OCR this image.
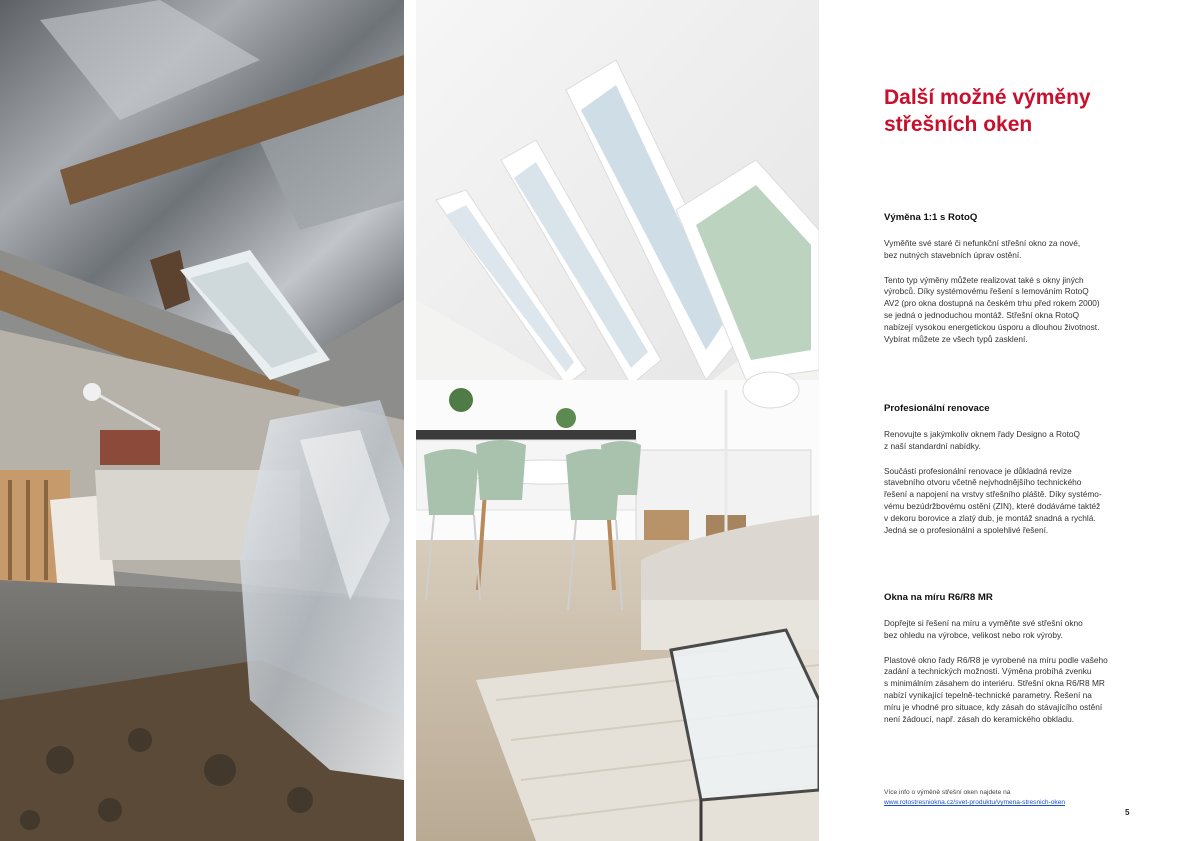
Další možné výměny
střešních oken
Výměna 1:1 s RotoQ

Vyměňte své staré či nefunkční střešní okno za nové,
bez nutných stavebních úprav ostění.

Tento typ výměny můžete realizovat také s okny jiných
výrobců. Díky systémovému řešení s lemováním RotoQ
AV2 (pro okna dostupná na českém trhu před rokem 2000)
se jedná o jednoduchou montáž. Střešní okna RotoQ
nabízejí vysokou energetickou úsporu a dlouhou životnost.
Vybírat můžete ze všech typů zasklení.

Profesionální renovace

Renovujte s jakýmkoliv oknem řady Designo a RotoQ
z naší standardní nabídky.

Součástí profesionální renovace je důkladná revize
stavebního otvoru včetně nejvhodnějšího technického
řešení a napojení na vrstvy střešního pláště. Díky systémo-
vému bezúdržbovému ostění (ZIN), které dodáváme taktéž
v dekoru borovice a zlatý dub, je montáž snadná a rychlá.
Jedná se o profesionální a spolehlivé řešení.

Okna na míru R6/R8 MR

Dopřejte si řešení na míru a vyměňte své střešní okno
bez ohledu na výrobce, velikost nebo rok výroby.

Plastové okno řady R6/R8 je vyrobené na míru podle vašeho
zadání a technických možností. Výměna probíhá zvenku
s minimálním zásahem do interiéru. Střešní okna R6/R8 MR
nabízí vynikající tepelně-technické parametry. Řešení na
míru je vhodné pro situace, kdy zásah do stávajícího ostění
není žádoucí, např. zásah do keramického obkladu.

Více info o výměně střešní oken najdete na
www.rotostresniokna.cz/svet-produktu/vymena-stresnich-oken
5
